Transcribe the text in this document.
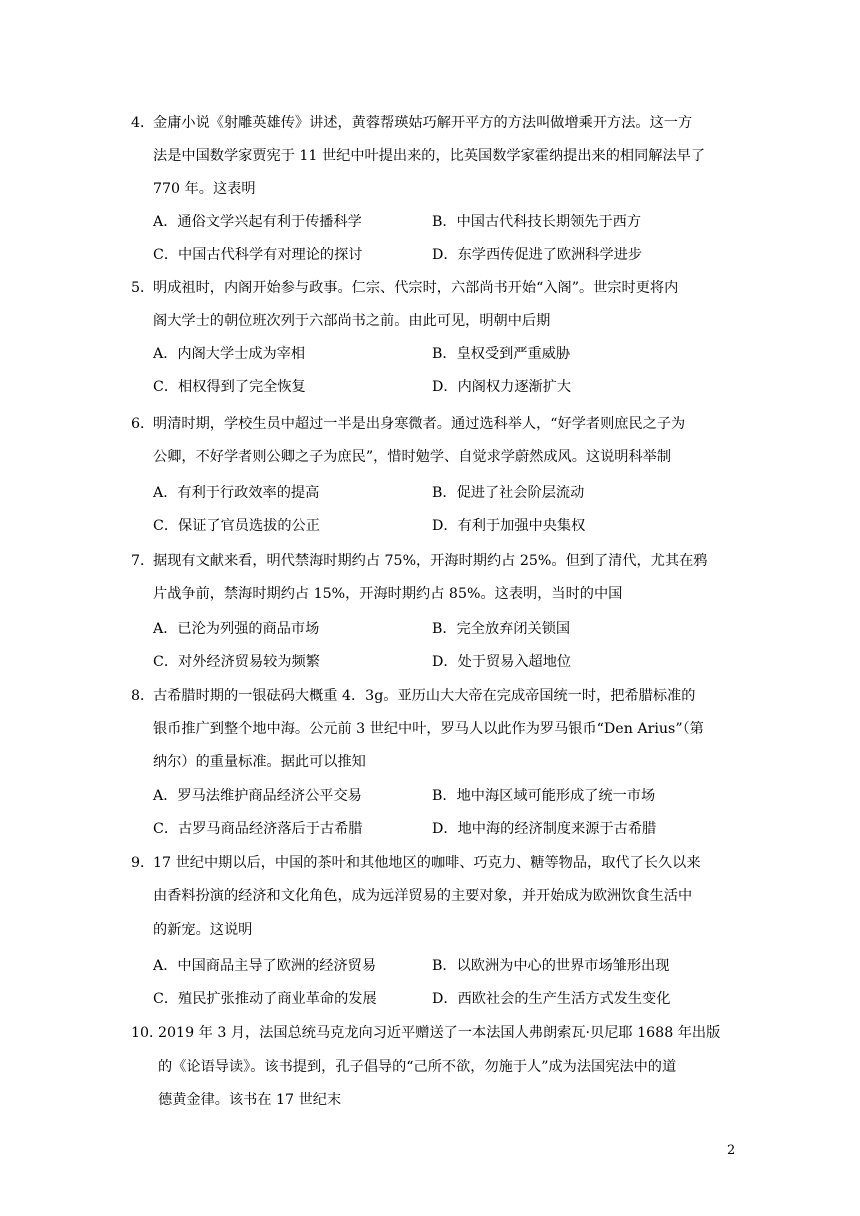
4．
金庸小说《射雕英雄传》讲述，黄蓉帮瑛姑巧解开平方的方法叫做增乘开方法。这一方
法是中国数学家贾宪于 11 世纪中叶提出来的，比英国数学家霍纳提出来的相同解法早了
770 年。这表明
A．通俗文学兴起有利于传播科学	B．中国古代科技长期领先于西方
C．中国古代科学有对理论的探讨	D．东学西传促进了欧洲科学进步
5．
明成祖时，内阁开始参与政事。仁宗、代宗时，六部尚书开始“入阁”。世宗时更将内
阁大学士的朝位班次列于六部尚书之前。由此可见，明朝中后期
A．内阁大学士成为宰相	B．皇权受到严重威胁
C．相权得到了完全恢复	D．内阁权力逐渐扩大
6．
明清时期，学校生员中超过一半是出身寒微者。通过选科举人，“好学者则庶民之子为
公卿，不好学者则公卿之子为庶民”，惜时勉学、自觉求学蔚然成风。这说明科举制
A．有利于行政效率的提高	B．促进了社会阶层流动
C．保证了官员选拔的公正	D．有利于加强中央集权
7．
据现有文献来看，明代禁海时期约占 75%，开海时期约占 25%。但到了清代，尤其在鸦
片战争前，禁海时期约占 15%，开海时期约占 85%。这表明，当时的中国
A．已沦为列强的商品市场	B．完全放弃闭关锁国
C．对外经济贸易较为频繁	D．处于贸易入超地位
8．
古希腊时期的一银砝码大概重 4．3g。亚历山大大帝在完成帝国统一时，把希腊标准的
银币推广到整个地中海。公元前 3 世纪中叶，罗马人以此作为罗马银币“Den Arius”（第
纳尔）的重量标准。据此可以推知
A．罗马法维护商品经济公平交易	B．地中海区域可能形成了统一市场
C．古罗马商品经济落后于古希腊	D．地中海的经济制度来源于古希腊
9．
17 世纪中期以后，中国的茶叶和其他地区的咖啡、巧克力、糖等物品，取代了长久以来
由香料扮演的经济和文化角色，成为远洋贸易的主要对象，并开始成为欧洲饮食生活中
的新宠。这说明
A．中国商品主导了欧洲的经济贸易	B．以欧洲为中心的世界市场雏形出现
C．殖民扩张推动了商业革命的发展	D．西欧社会的生产生活方式发生变化
10．
2019 年 3 月，法国总统马克龙向习近平赠送了一本法国人弗朗索瓦·贝尼耶 1688 年出版
的《论语导读》。该书提到，孔子倡导的“己所不欲，勿施于人”成为法国宪法中的道
德黄金律。该书在 17 世纪末
2
